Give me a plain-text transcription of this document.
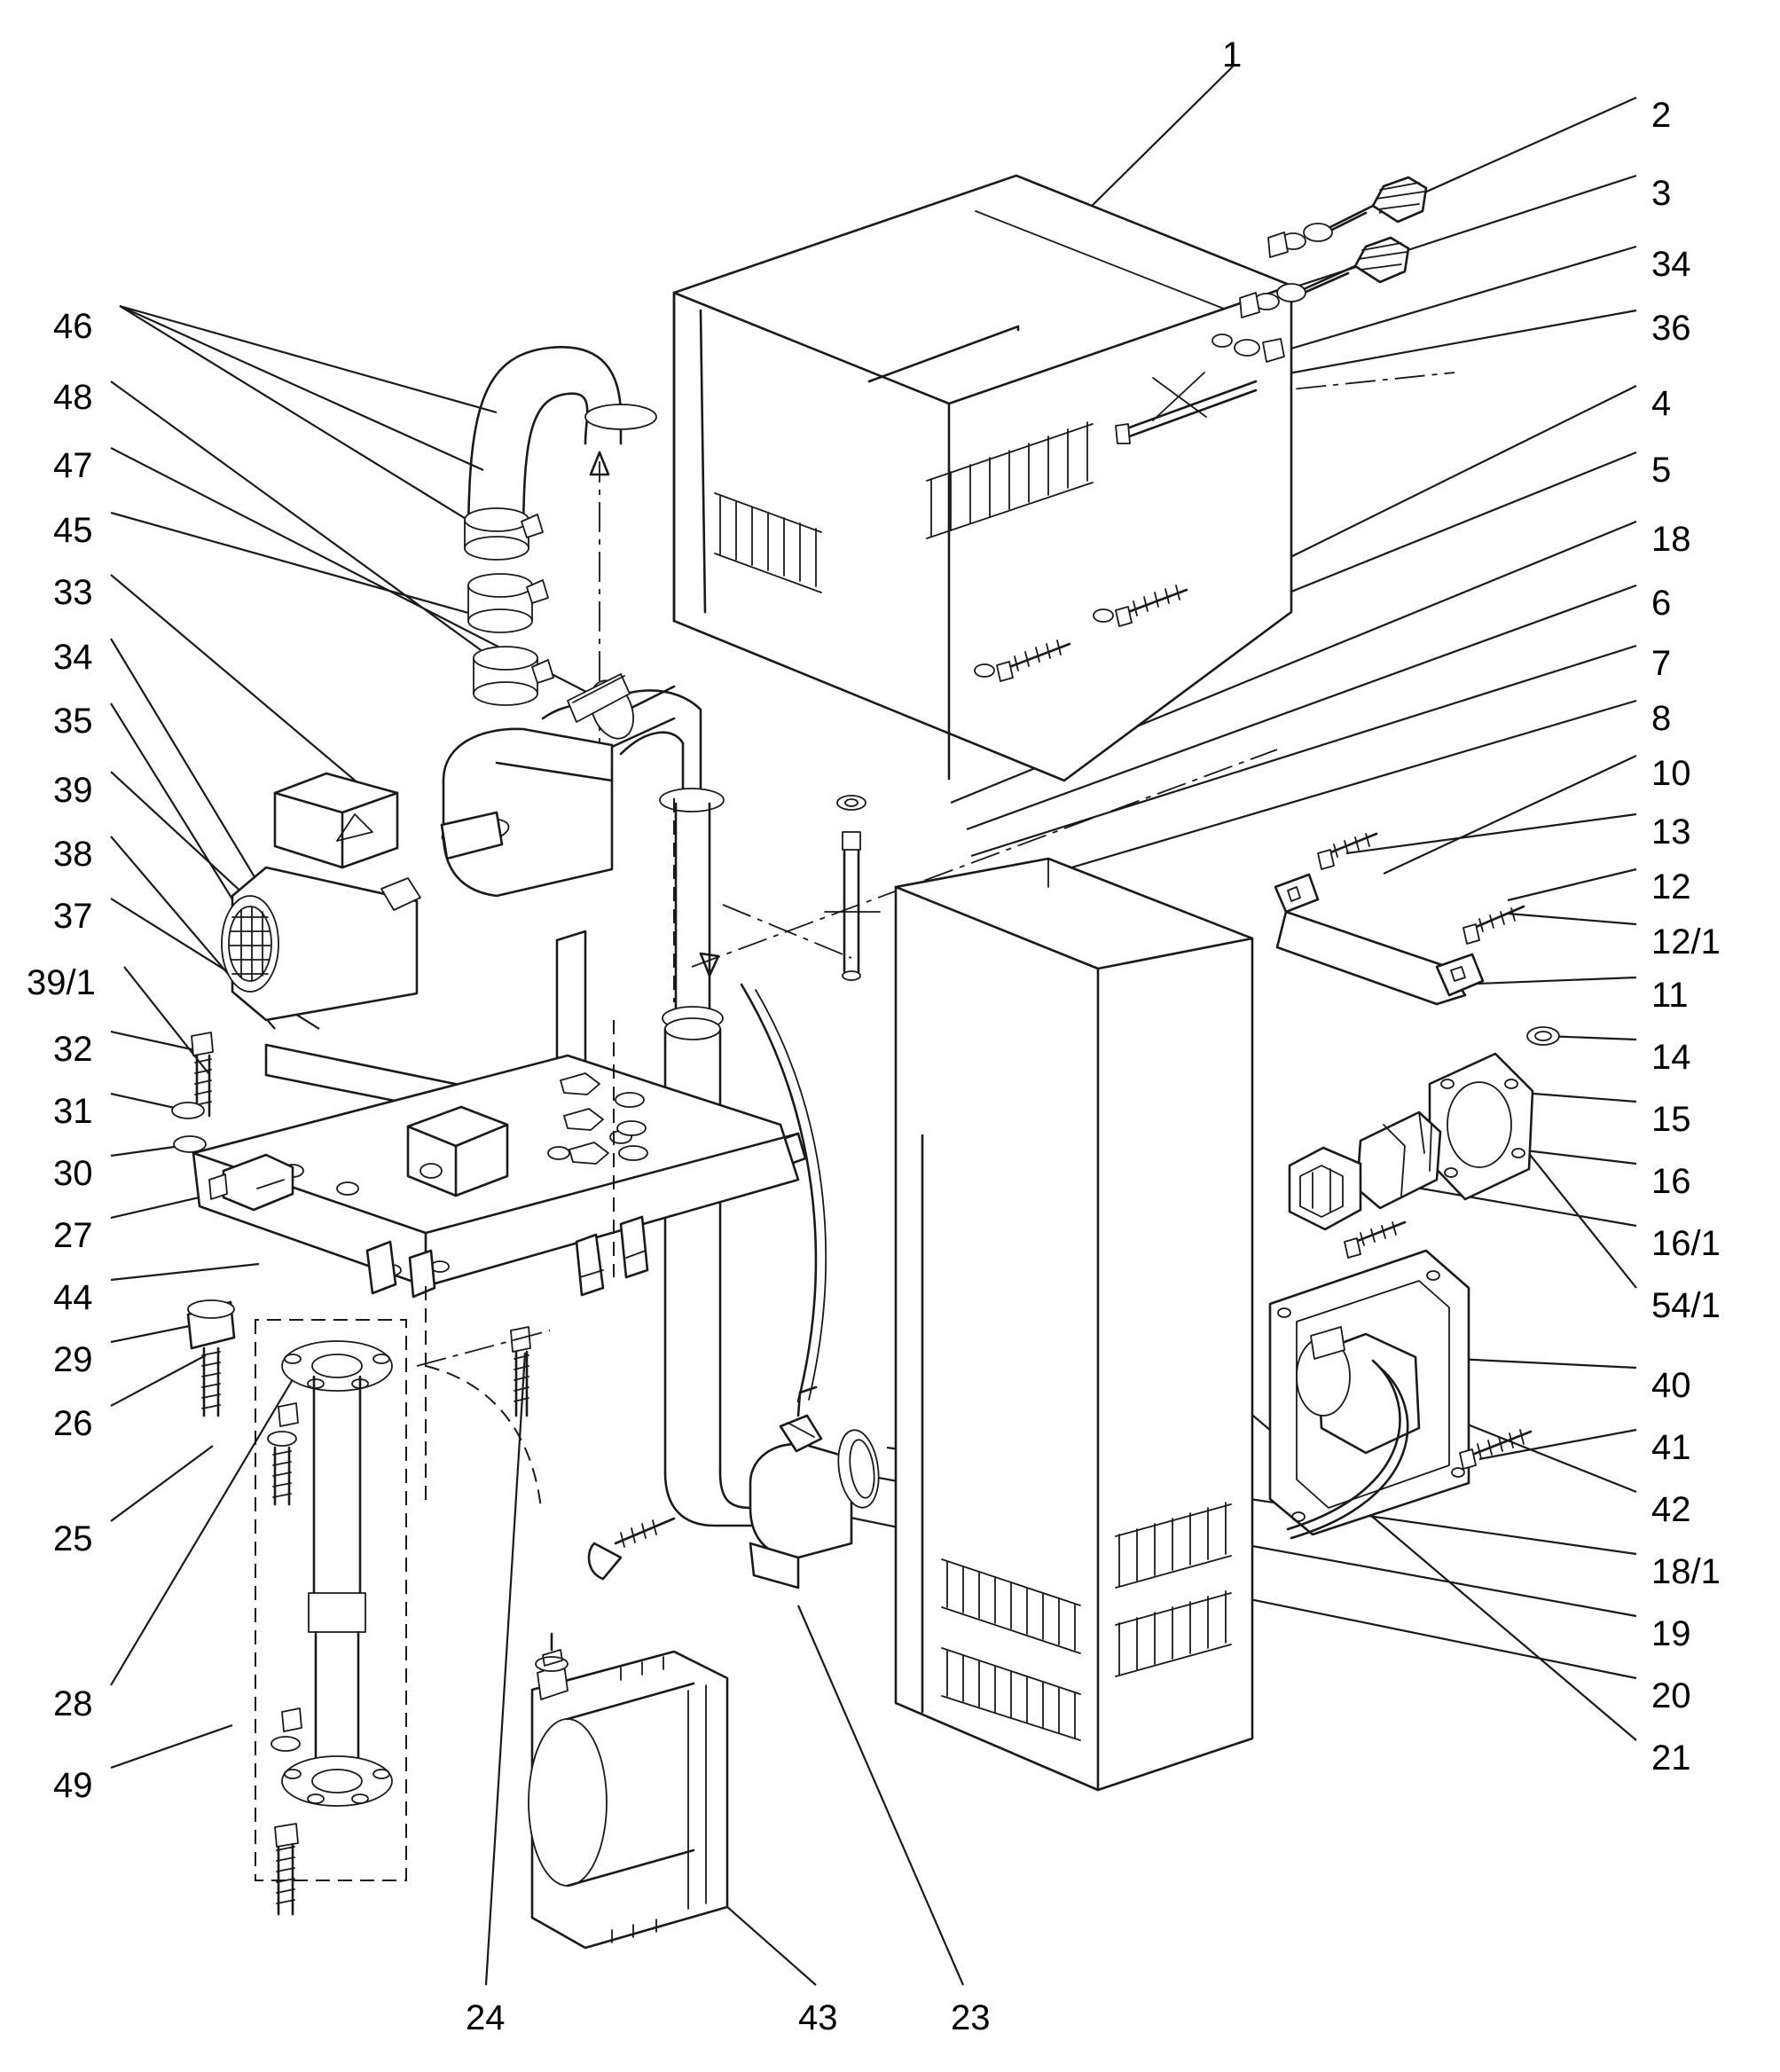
1
46
48
47
45
33
34
35
39
38
37
39/1
32
31
30
27
44
29
26
25
28
49
2
3
34
36
4
5
18
6
7
8
10
13
12
12/1
11
14
15
16
16/1
54/1
40
41
42
18/1
19
20
21
24	43	23
